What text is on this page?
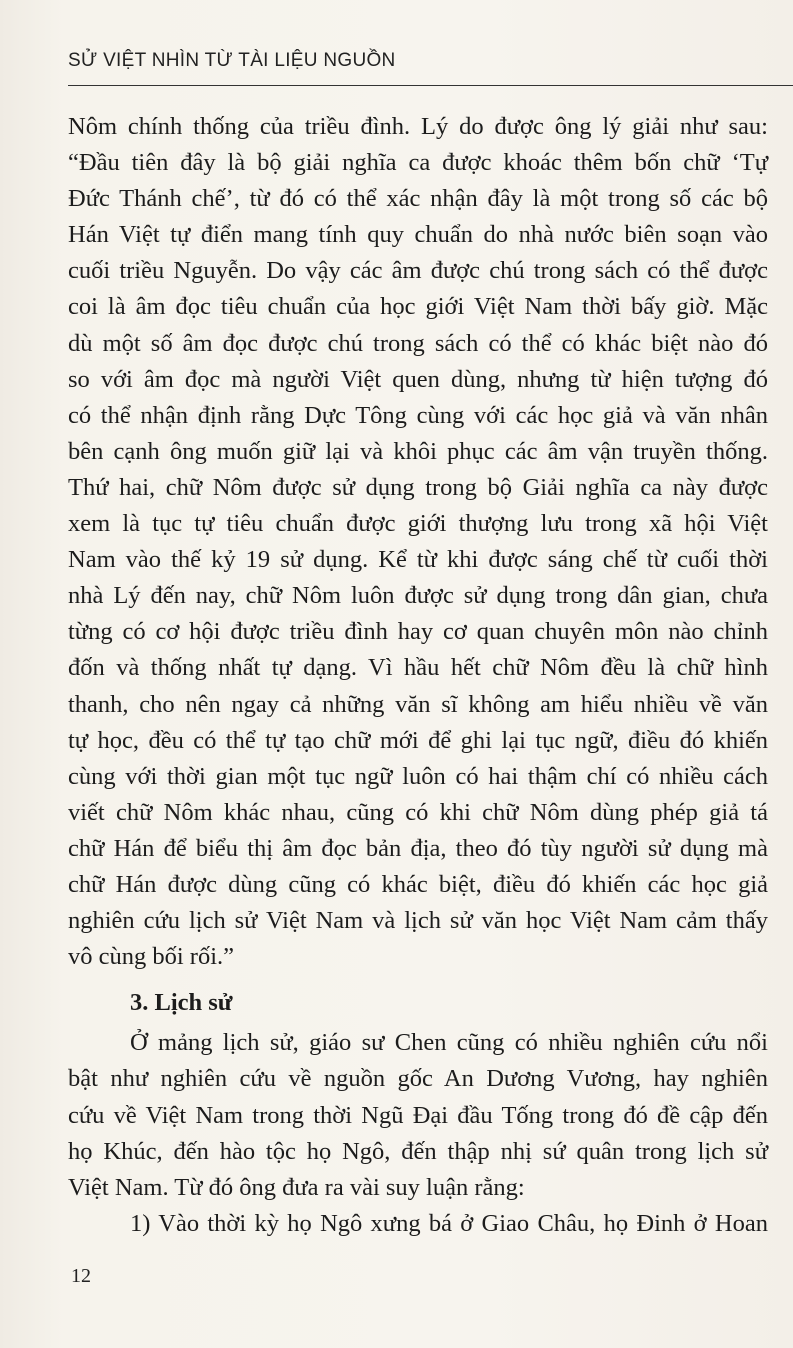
SỬ VIỆT NHÌN TỪ TÀI LIỆU NGUỒN

Nôm chính thống của triều đình. Lý do được ông lý giải như sau:
“Đầu tiên đây là bộ giải nghĩa ca được khoác thêm bốn chữ ‘Tự
Đức Thánh chế’, từ đó có thể xác nhận đây là một trong số các bộ
Hán Việt tự điển mang tính quy chuẩn do nhà nước biên soạn vào
cuối triều Nguyễn. Do vậy các âm được chú trong sách có thể được
coi là âm đọc tiêu chuẩn của học giới Việt Nam thời bấy giờ. Mặc
dù một số âm đọc được chú trong sách có thể có khác biệt nào đó
so với âm đọc mà người Việt quen dùng, nhưng từ hiện tượng đó
có thể nhận định rằng Dực Tông cùng với các học giả và văn nhân
bên cạnh ông muốn giữ lại và khôi phục các âm vận truyền thống.
Thứ hai, chữ Nôm được sử dụng trong bộ Giải nghĩa ca này được
xem là tục tự tiêu chuẩn được giới thượng lưu trong xã hội Việt
Nam vào thế kỷ 19 sử dụng. Kể từ khi được sáng chế từ cuối thời
nhà Lý đến nay, chữ Nôm luôn được sử dụng trong dân gian, chưa
từng có cơ hội được triều đình hay cơ quan chuyên môn nào chỉnh
đốn và thống nhất tự dạng. Vì hầu hết chữ Nôm đều là chữ hình
thanh, cho nên ngay cả những văn sĩ không am hiểu nhiều về văn
tự học, đều có thể tự tạo chữ mới để ghi lại tục ngữ, điều đó khiến
cùng với thời gian một tục ngữ luôn có hai thậm chí có nhiều cách
viết chữ Nôm khác nhau, cũng có khi chữ Nôm dùng phép giả tá
chữ Hán để biểu thị âm đọc bản địa, theo đó tùy người sử dụng mà
chữ Hán được dùng cũng có khác biệt, điều đó khiến các học giả
nghiên cứu lịch sử Việt Nam và lịch sử văn học Việt Nam cảm thấy
vô cùng bối rối.”

3. Lịch sử

Ở mảng lịch sử, giáo sư Chen cũng có nhiều nghiên cứu nổi
bật như nghiên cứu về nguồn gốc An Dương Vương, hay nghiên
cứu về Việt Nam trong thời Ngũ Đại đầu Tống trong đó đề cập đến
họ Khúc, đến hào tộc họ Ngô, đến thập nhị sứ quân trong lịch sử
Việt Nam. Từ đó ông đưa ra vài suy luận rằng:

1) Vào thời kỳ họ Ngô xưng bá ở Giao Châu, họ Đinh ở Hoan

12
